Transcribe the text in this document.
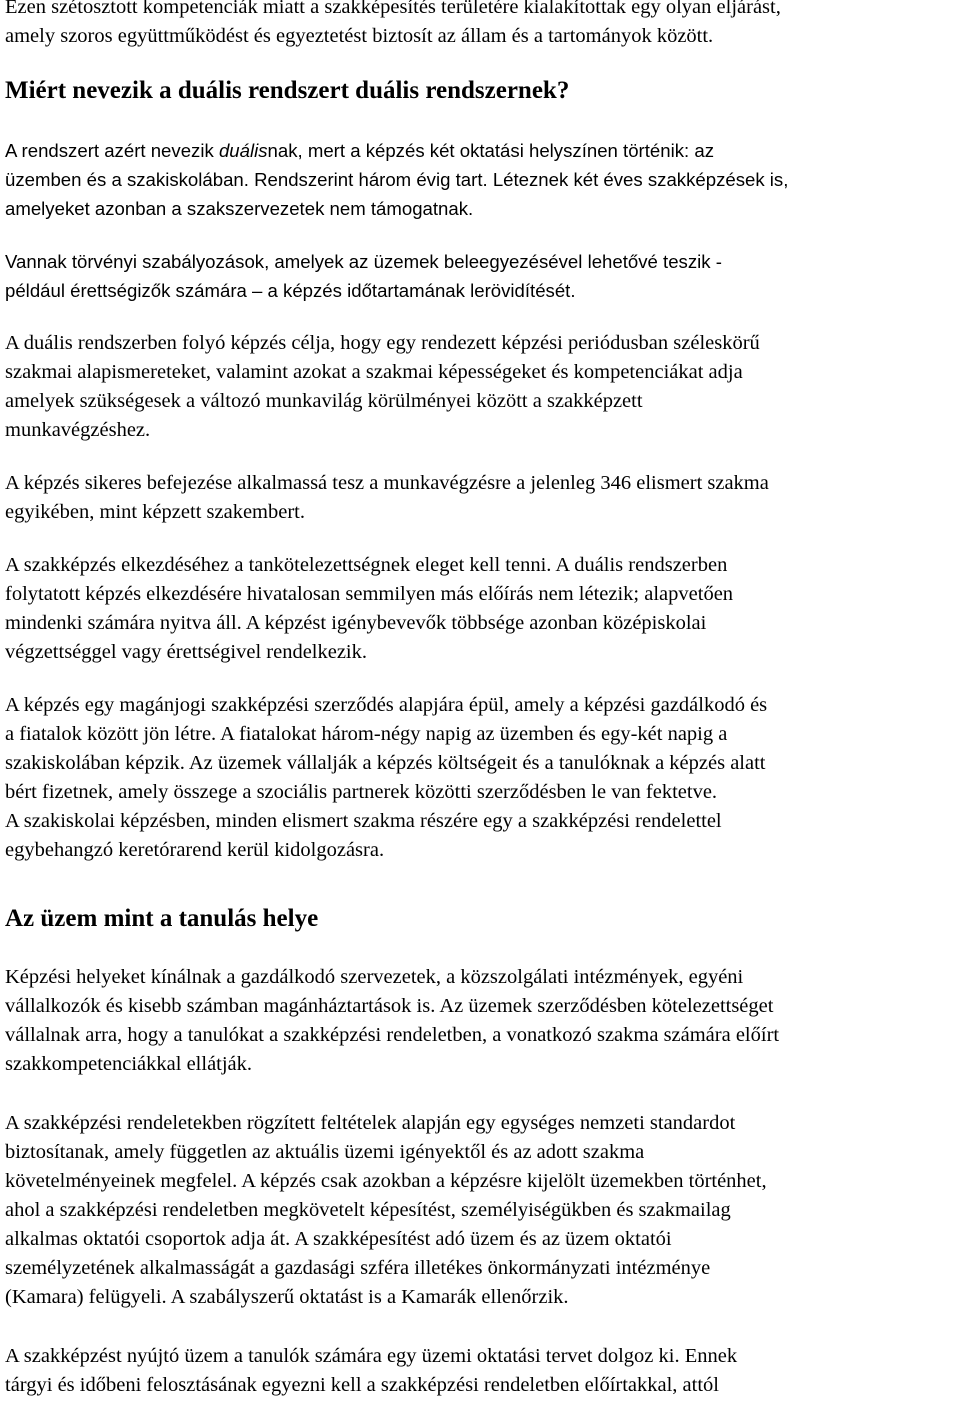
Ezen szétosztott kompetenciák miatt a szakképesítés területére kialakítottak egy olyan eljárást,
amely szoros együttműködést és egyeztetést biztosít az állam és a tartományok között.

Miért nevezik a duális rendszert duális rendszernek?

A rendszert azért nevezik duálisnak, mert a képzés két oktatási helyszínen történik: az
üzemben és a szakiskolában. Rendszerint három évig tart. Léteznek két éves szakképzések is,
amelyeket azonban a szakszervezetek nem támogatnak.

Vannak törvényi szabályozások, amelyek az üzemek beleegyezésével lehetővé teszik -
például érettségizők számára – a képzés időtartamának lerövidítését.

A duális rendszerben folyó képzés célja, hogy egy rendezett képzési periódusban széleskörű
szakmai alapismereteket, valamint azokat a szakmai képességeket és kompetenciákat adja
amelyek szükségesek a változó munkavilág körülményei között a szakképzett
munkavégzéshez.

A képzés sikeres befejezése alkalmassá tesz a munkavégzésre a jelenleg 346 elismert szakma
egyikében, mint képzett szakembert.

A szakképzés elkezdéséhez a tankötelezettségnek eleget kell tenni. A duális rendszerben
folytatott képzés elkezdésére hivatalosan semmilyen más előírás nem létezik; alapvetően
mindenki számára nyitva áll. A képzést igénybevevők többsége azonban középiskolai
végzettséggel vagy érettségivel rendelkezik.

A képzés egy magánjogi szakképzési szerződés alapjára épül, amely a képzési gazdálkodó és
a fiatalok között jön létre. A fiatalokat három-négy napig az üzemben és egy-két napig a
szakiskolában képzik. Az üzemek vállalják a képzés költségeit és a tanulóknak a képzés alatt
bért fizetnek, amely összege a szociális partnerek közötti szerződésben le van fektetve.
A szakiskolai képzésben, minden elismert szakma részére egy a szakképzési rendelettel
egybehangzó keretórarend kerül kidolgozásra.

Az üzem mint a tanulás helye

Képzési helyeket kínálnak a gazdálkodó szervezetek, a közszolgálati intézmények, egyéni
vállalkozók és kisebb számban magánháztartások is. Az üzemek szerződésben kötelezettséget
vállalnak arra, hogy a tanulókat a szakképzési rendeletben, a vonatkozó szakma számára előírt
szakkompetenciákkal ellátják.

A szakképzési rendeletekben rögzített feltételek alapján egy egységes nemzeti standardot
biztosítanak, amely független az aktuális üzemi igényektől és az adott szakma
követelményeinek megfelel. A képzés csak azokban a képzésre kijelölt üzemekben történhet,
ahol a szakképzési rendeletben megkövetelt képesítést, személyiségükben és szakmailag
alkalmas oktatói csoportok adja át. A szakképesítést adó üzem és az üzem oktatói
személyzetének alkalmasságát a gazdasági szféra illetékes önkormányzati intézménye
(Kamara) felügyeli. A szabályszerű oktatást is a Kamarák ellenőrzik.

A szakképzést nyújtó üzem a tanulók számára egy üzemi oktatási tervet dolgoz ki. Ennek
tárgyi és időbeni felosztásának egyezni kell a szakképzési rendeletben előírtakkal, attól
